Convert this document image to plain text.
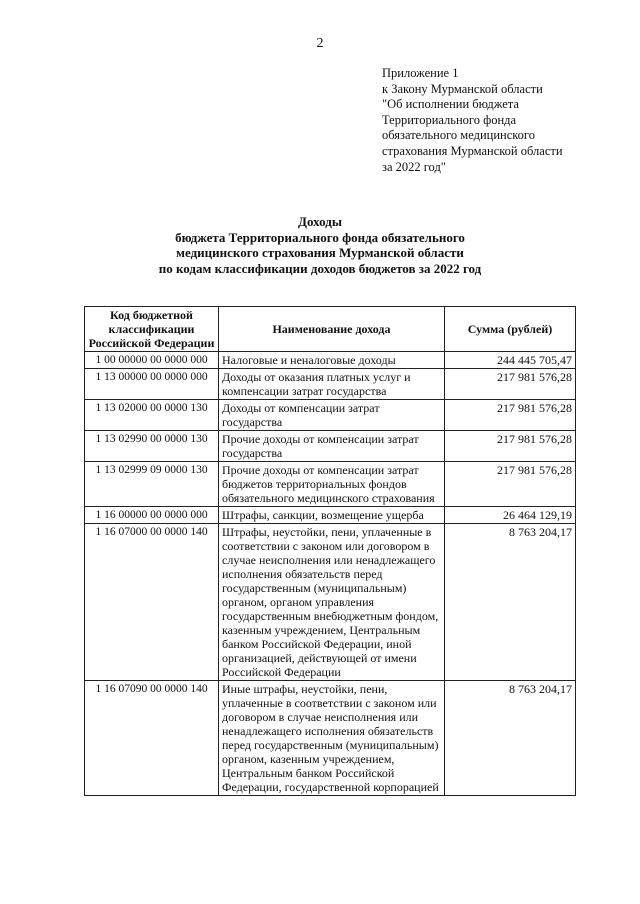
2
Приложение 1
к Закону Мурманской области
"Об исполнении бюджета
Территориального фонда
обязательного медицинского
страхования Мурманской области
за 2022 год"
Доходы
бюджета Территориального фонда обязательного
медицинского страхования Мурманской области
по кодам классификации доходов бюджетов за 2022 год
Код бюджетной классификации Российской Федерации	Наименование дохода	Сумма (рублей)
1 00 00000 00 0000 000	Налоговые и неналоговые доходы	244 445 705,47
1 13 00000 00 0000 000	Доходы от оказания платных услуг и компенсации затрат государства	217 981 576,28
1 13 02000 00 0000 130	Доходы от компенсации затрат государства	217 981 576,28
1 13 02990 00 0000 130	Прочие доходы от компенсации затрат государства	217 981 576,28
1 13 02999 09 0000 130	Прочие доходы от компенсации затрат бюджетов территориальных фондов обязательного медицинского страхования	217 981 576,28
1 16 00000 00 0000 000	Штрафы, санкции, возмещение ущерба	26 464 129,19
1 16 07000 00 0000 140	Штрафы, неустойки, пени, уплаченные в соответствии с законом или договором в случае неисполнения или ненадлежащего исполнения обязательств перед государственным (муниципальным) органом, органом управления государственным внебюджетным фондом, казенным учреждением, Центральным банком Российской Федерации, иной организацией, действующей от имени Российской Федерации	8 763 204,17
1 16 07090 00 0000 140	Иные штрафы, неустойки, пени, уплаченные в соответствии с законом или договором в случае неисполнения или ненадлежащего исполнения обязательств перед государственным (муниципальным) органом, казенным учреждением, Центральным банком Российской Федерации, государственной корпорацией	8 763 204,17
